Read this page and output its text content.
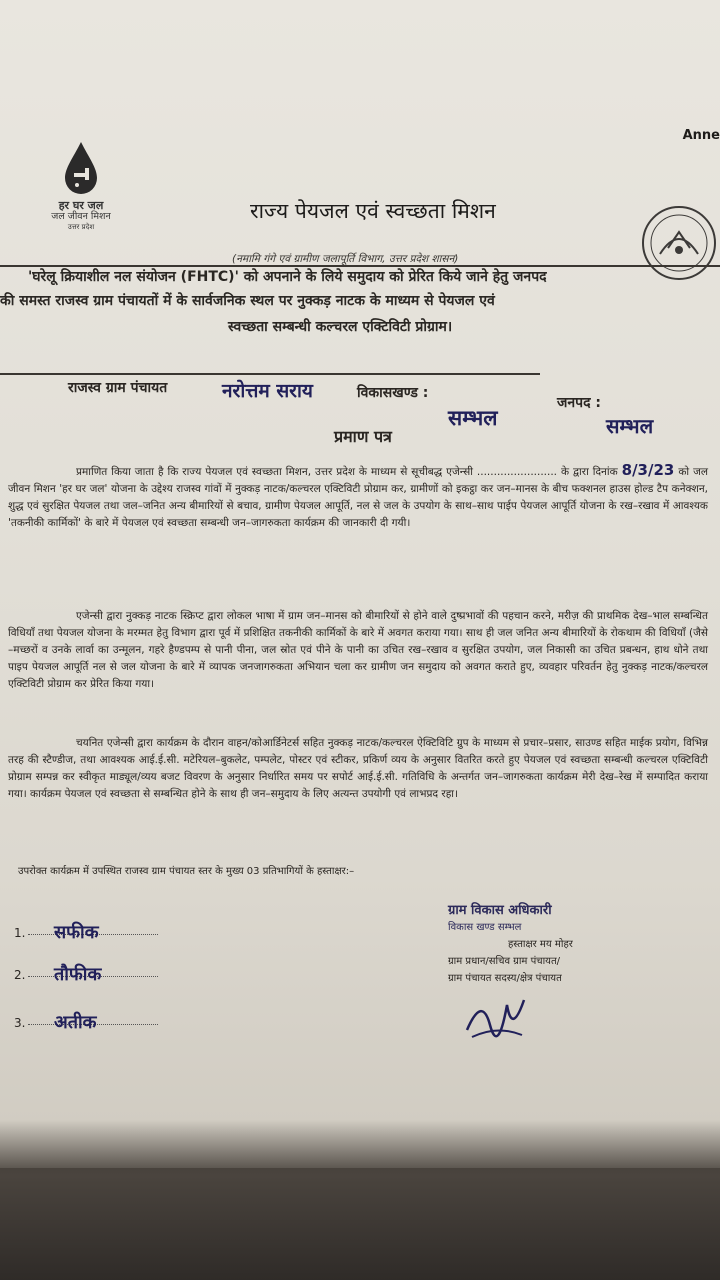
Anne
हर घर जल
जल जीवन मिशन
उत्तर प्रदेश
राज्य पेयजल एवं स्वच्छता मिशन
(नमामि गंगे एवं ग्रामीण जलापूर्ति विभाग, उत्तर प्रदेश शासन)
'घरेलू क्रियाशील नल संयोजन (FHTC)' को अपनाने के लिये समुदाय को प्रेरित किये जाने हेतु जनपद
की समस्त राजस्व ग्राम पंचायतों में के सार्वजनिक स्थल पर नुक्कड़ नाटक के माध्यम से पेयजल एवं
स्वच्छता सम्बन्धी कल्चरल एक्टिविटी प्रोग्राम।
राजस्व ग्राम पंचायत	नरोत्तम सराय	विकासखण्ड :
सम्भल
जनपद :
सम्भल
प्रमाण पत्र

प्रमाणित किया जाता है कि राज्य पेयजल एवं स्वच्छता मिशन, उत्तर प्रदेश के माध्यम से सूचीबद्ध एजेन्सी ........................ के द्वारा दिनांक 8/3/23 को जल जीवन मिशन 'हर घर जल' योजना के उद्देश्य राजस्व गांवों में नुक्कड़ नाटक/कल्चरल एक्टिविटी प्रोग्राम कर, ग्रामीणों को इकट्ठा कर जन–मानस के बीच फक्शनल हाउस होल्ड टैप कनेक्शन, शुद्ध एवं सुरक्षित पेयजल तथा जल–जनित अन्य बीमारियों से बचाव, ग्रामीण पेयजल आपूर्ति, नल से जल के उपयोग के साथ–साथ पाईप पेयजल आपूर्ति योजना के रख–रखाव में आवश्यक 'तकनीकी कार्मिकों' के बारे में पेयजल एवं स्वच्छता सम्बन्धी जन–जागरुकता कार्यक्रम की जानकारी दी गयी।

एजेन्सी द्वारा नुक्कड़ नाटक स्क्रिप्ट द्वारा लोकल भाषा में ग्राम जन–मानस को बीमारियों से होने वाले दुष्प्रभावों की पहचान करने, मरीज़ की प्राथमिक देख–भाल सम्बन्धित विधियाँ तथा पेयजल योजना के मरम्मत हेतु विभाग द्वारा पूर्व में प्रशिक्षित तकनीकी कार्मिकों के बारे में अवगत कराया गया। साथ ही जल जनित अन्य बीमारियों के रोकथाम की विधियाँ (जैसे –मच्छरों व उनके लार्वा का उन्मूलन, गहरे हैण्डपम्प से पानी पीना, जल स्रोत एवं पीने के पानी का उचित रख–रखाव व सुरक्षित उपयोग, जल निकासी का उचित प्रबन्धन, हाथ धोने तथा पाइप पेयजल आपूर्ति नल से जल योजना के बारे में व्यापक जनजागरुकता अभियान चला कर ग्रामीण जन समुदाय को अवगत कराते हुए, व्यवहार परिवर्तन हेतु नुक्कड़ नाटक/कल्चरल एक्टिविटी प्रोग्राम कर प्रेरित किया गया।

चयनित एजेन्सी द्वारा कार्यक्रम के दौरान वाहन/कोआर्डिनेटर्स सहित नुक्कड़ नाटक/कल्चरल ऐक्टिविटि ग्रुप के माध्यम से प्रचार–प्रसार, साउण्ड सहित माईक प्रयोग, विभिन्न तरह की स्टैण्डीज, तथा आवश्यक आई.ई.सी. मटेरियल–बुकलेट, पम्पलेट, पोस्टर एवं स्टीकर, प्रकिर्ण व्यय के अनुसार वितरित करते हुए पेयजल एवं स्वच्छता सम्बन्धी कल्चरल एक्टिविटी प्रोग्राम सम्पन्न कर स्वीकृत माड्यूल/व्यय बजट विवरण के अनुसार निर्धारित समय पर सपोर्ट आई.ई.सी. गतिविधि के अन्तर्गत जन–जागरुकता कार्यक्रम मेरी देख–रेख में सम्पादित कराया गया। कार्यक्रम पेयजल एवं स्वच्छता से सम्बन्धित होने के साथ ही जन–समुदाय के लिए अत्यन्त उपयोगी एवं लाभप्रद रहा।

उपरोक्त कार्यक्रम में उपस्थित राजस्व ग्राम पंचायत स्तर के मुख्य 03 प्रतिभागियों के हस्ताक्षर:–
1. सफीक
2. तौफीक
3. अतीक
ग्राम विकास अधिकारी
विकास खण्ड सम्भल
हस्ताक्षर मय मोहर
ग्राम प्रधान/सचिव ग्राम पंचायत/
ग्राम पंचायत सदस्य/क्षेत्र पंचायत
